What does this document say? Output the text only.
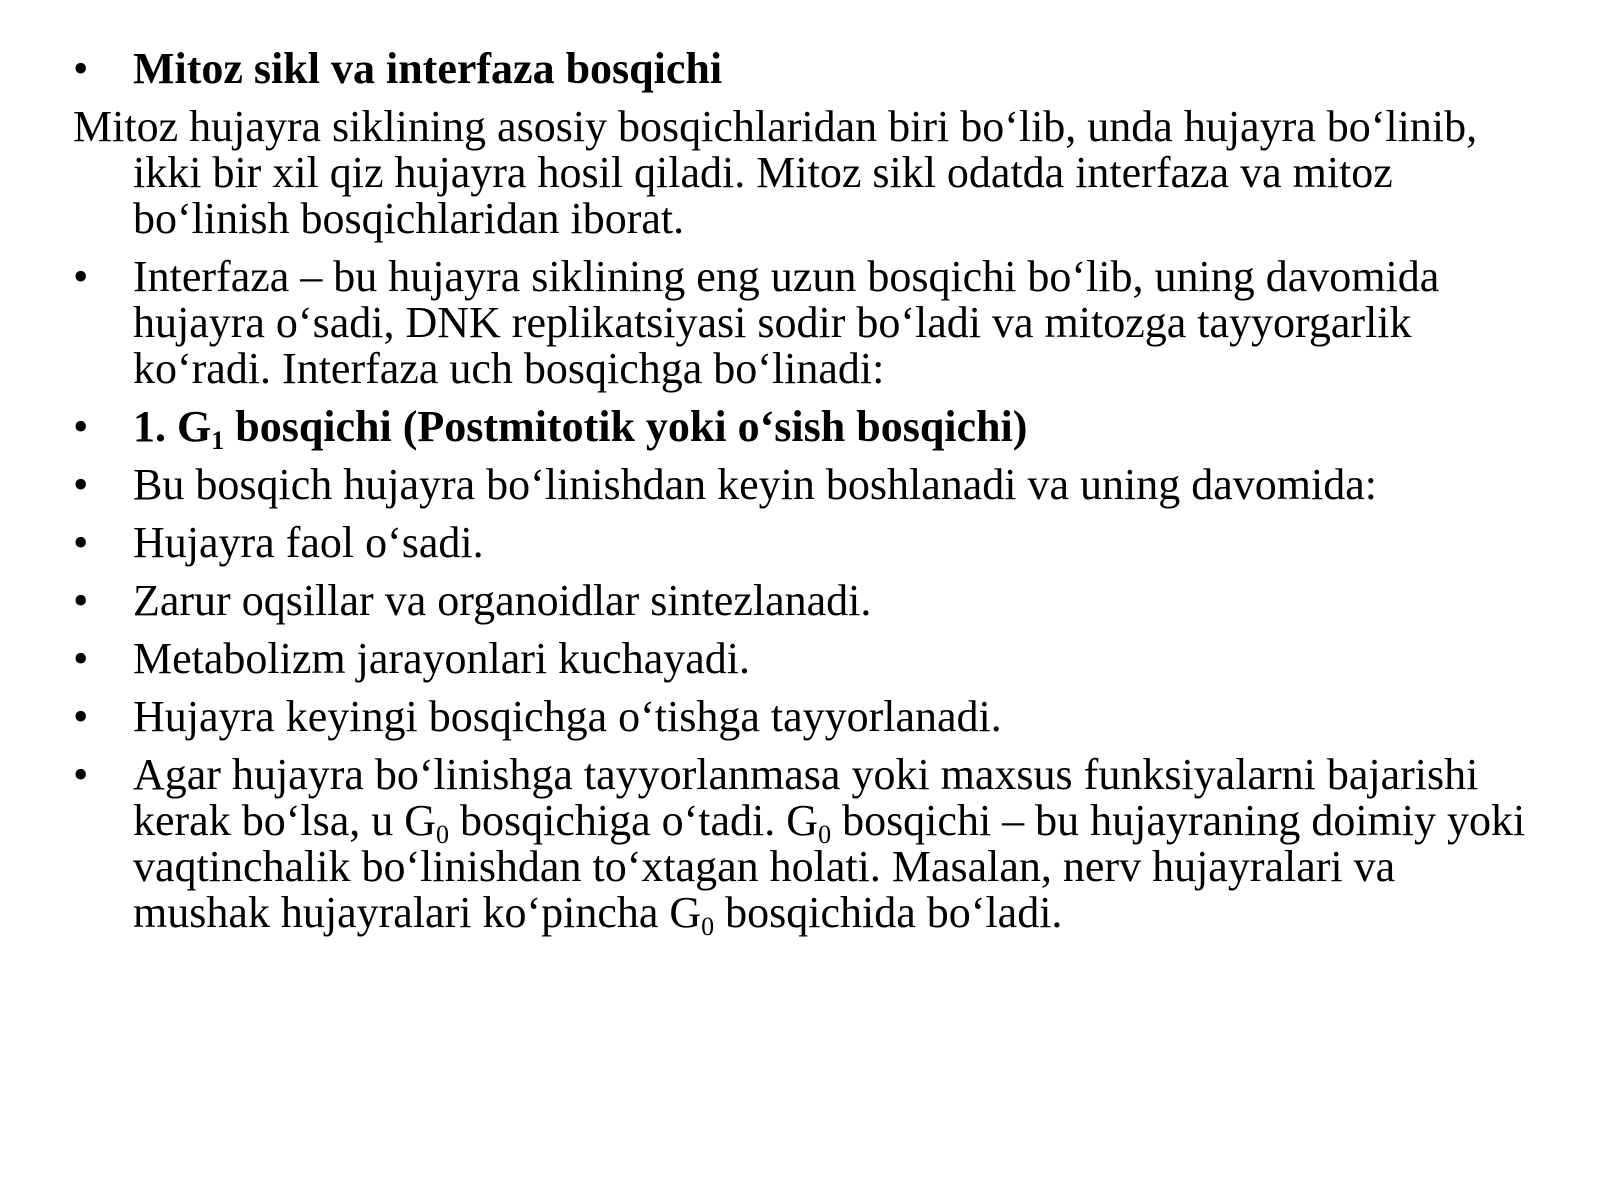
•	Mitoz sikl va interfaza bosqichi
Mitoz hujayra siklining asosiy bosqichlaridan biri bo‘lib, unda hujayra bo‘linib, ikki bir xil qiz hujayra hosil qiladi. Mitoz sikl odatda interfaza va mitoz bo‘linish bosqichlaridan iborat.
•	Interfaza – bu hujayra siklining eng uzun bosqichi bo‘lib, uning davomida hujayra o‘sadi, DNK replikatsiyasi sodir bo‘ladi va mitozga tayyorgarlik ko‘radi. Interfaza uch bosqichga bo‘linadi:
•	1. $G_1$ bosqichi (Postmitotik yoki o‘sish bosqichi)
•	Bu bosqich hujayra bo‘linishdan keyin boshlanadi va uning davomida:
•	Hujayra faol o‘sadi.
•	Zarur oqsillar va organoidlar sintezlanadi.
•	Metabolizm jarayonlari kuchayadi.
•	Hujayra keyingi bosqichga o‘tishga tayyorlanadi.
•	Agar hujayra bo‘linishga tayyorlanmasa yoki maxsus funksiyalarni bajarishi kerak bo‘lsa, u $G_0$ bosqichiga o‘tadi. $G_0$ bosqichi – bu hujayraning doimiy yoki vaqtinchalik bo‘linishdan to‘xtagan holati. Masalan, nerv hujayralari va mushak hujayralari ko‘pincha $G_0$ bosqichida bo‘ladi.
